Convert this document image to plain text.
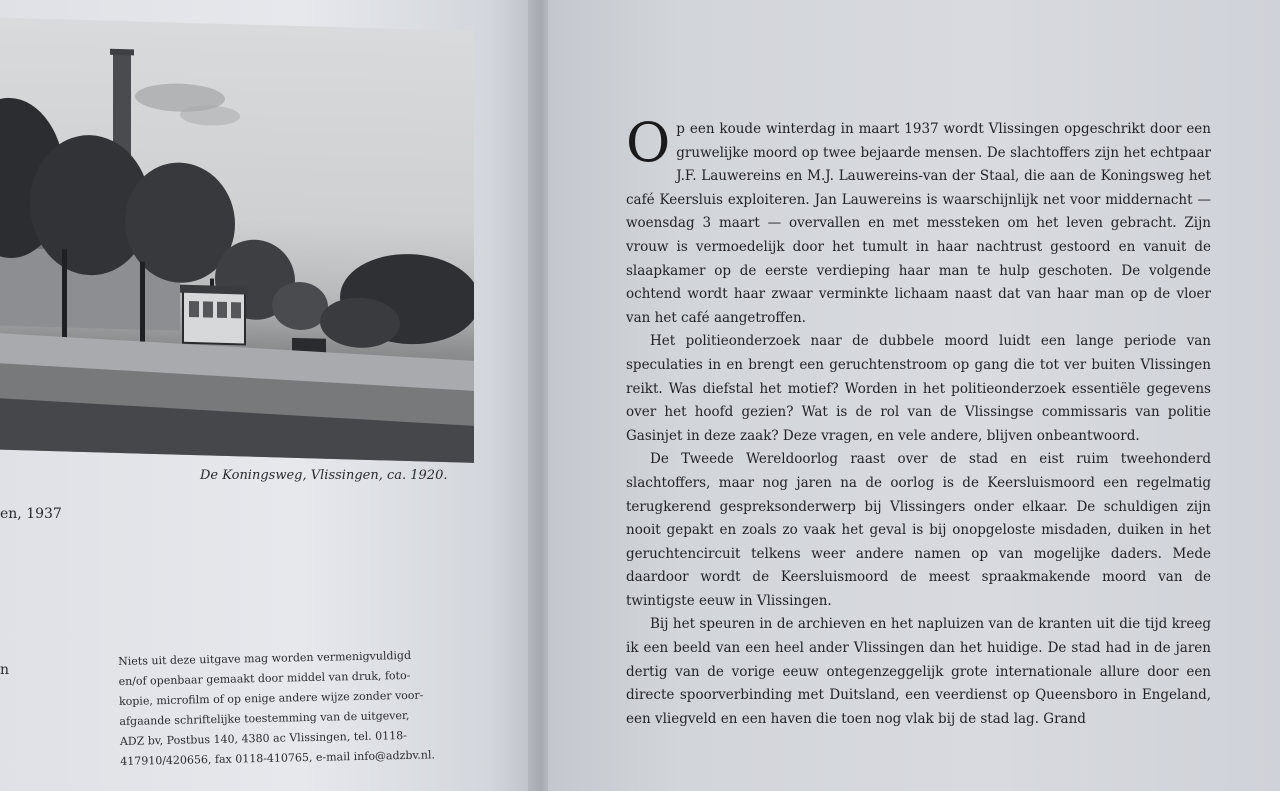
De Koningsweg, Vlissingen, ca. 1920.
en, 1937
n
Niets uit deze uitgave mag worden vermenigvuldigd
en/of openbaar gemaakt door middel van druk, foto-
kopie, microfilm of op enige andere wijze zonder voor-
afgaande schriftelijke toestemming van de uitgever,
ADZ bv, Postbus 140, 4380 ac Vlissingen, tel. 0118-
417910/420656, fax 0118-410765, e-mail info@adzbv.nl.

Op een koude winterdag in maart 1937 wordt Vlissingen opgeschrikt door een gruwelijke moord op twee bejaarde mensen. De slachtoffers zijn het echtpaar J.F. Lauwereins en M.J. Lauwereins-van der Staal, die aan de Koningsweg het café Keersluis exploiteren. Jan Lauwereins is waarschijnlijk net voor middernacht — woensdag 3 maart — overvallen en met messteken om het leven gebracht. Zijn vrouw is vermoedelijk door het tumult in haar nachtrust gestoord en vanuit de slaapkamer op de eerste verdieping haar man te hulp geschoten. De volgende ochtend wordt haar zwaar verminkte lichaam naast dat van haar man op de vloer van het café aangetroffen.

Het politieonderzoek naar de dubbele moord luidt een lange periode van speculaties in en brengt een geruchtenstroom op gang die tot ver buiten Vlissingen reikt. Was diefstal het motief? Worden in het politieonderzoek essentiële gegevens over het hoofd gezien? Wat is de rol van de Vlissingse commissaris van politie Gasinjet in deze zaak? Deze vragen, en vele andere, blijven onbeantwoord.

De Tweede Wereldoorlog raast over de stad en eist ruim tweehonderd slachtoffers, maar nog jaren na de oorlog is de Keersluismoord een regelmatig terugkerend gespreksonderwerp bij Vlissingers onder elkaar. De schuldigen zijn nooit gepakt en zoals zo vaak het geval is bij onopgeloste misdaden, duiken in het geruchtencircuit telkens weer andere namen op van mogelijke daders. Mede daardoor wordt de Keersluismoord de meest spraakmakende moord van de twintigste eeuw in Vlissingen.

Bij het speuren in de archieven en het napluizen van de kranten uit die tijd kreeg ik een beeld van een heel ander Vlissingen dan het huidige. De stad had in de jaren dertig van de vorige eeuw ontegenzeggelijk grote internationale allure door een directe spoorverbinding met Duitsland, een veerdienst op Queensboro in Engeland, een vliegveld en een haven die toen nog vlak bij de stad lag. Grand
